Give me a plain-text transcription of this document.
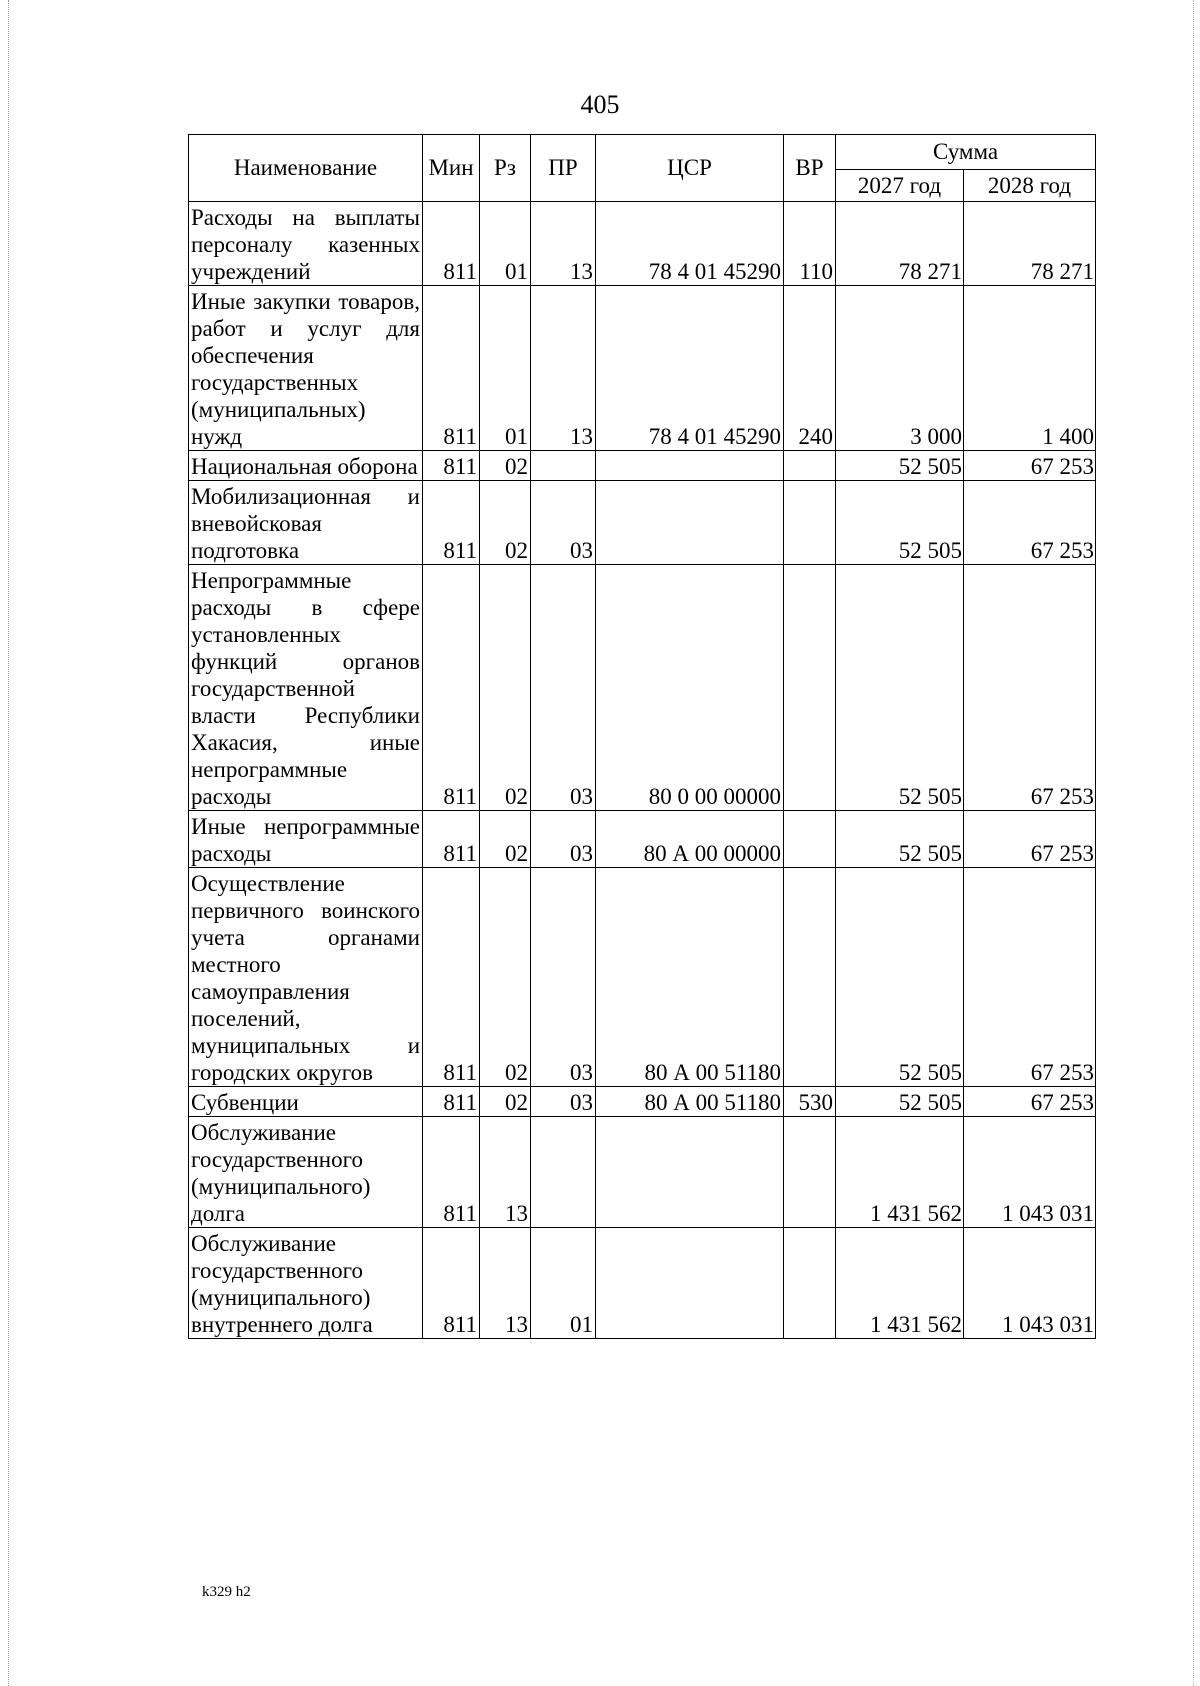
405
Наименование	Мин	Рз	ПР	ЦСР	ВР	Сумма	
						2027 год	2028 год
Расходы на выплаты персоналу казенных учреждений	811	01	13	78 4 01 45290	110	78 271	78 271
Иные закупки товаров, работ и услуг для обеспечения государственных (муниципальных) нужд	811	01	13	78 4 01 45290	240	3 000	1 400
Национальная оборона	811	02				52 505	67 253
Мобилизационная и вневойсковая подготовка	811	02	03			52 505	67 253
Непрограммные расходы в сфере установленных функций органов государственной власти Республики Хакасия, иные непрограммные расходы	811	02	03	80 0 00 00000		52 505	67 253
Иные непрограммные расходы	811	02	03	80 А 00 00000		52 505	67 253
Осуществление первичного воинского учета органами местного самоуправления поселений, муниципальных и городских округов	811	02	03	80 А 00 51180		52 505	67 253
Субвенции	811	02	03	80 А 00 51180	530	52 505	67 253
Обслуживание государственного (муниципального) долга	811	13				1 431 562	1 043 031
Обслуживание государственного (муниципального) внутреннего долга	811	13	01			1 431 562	1 043 031
k329 h2
